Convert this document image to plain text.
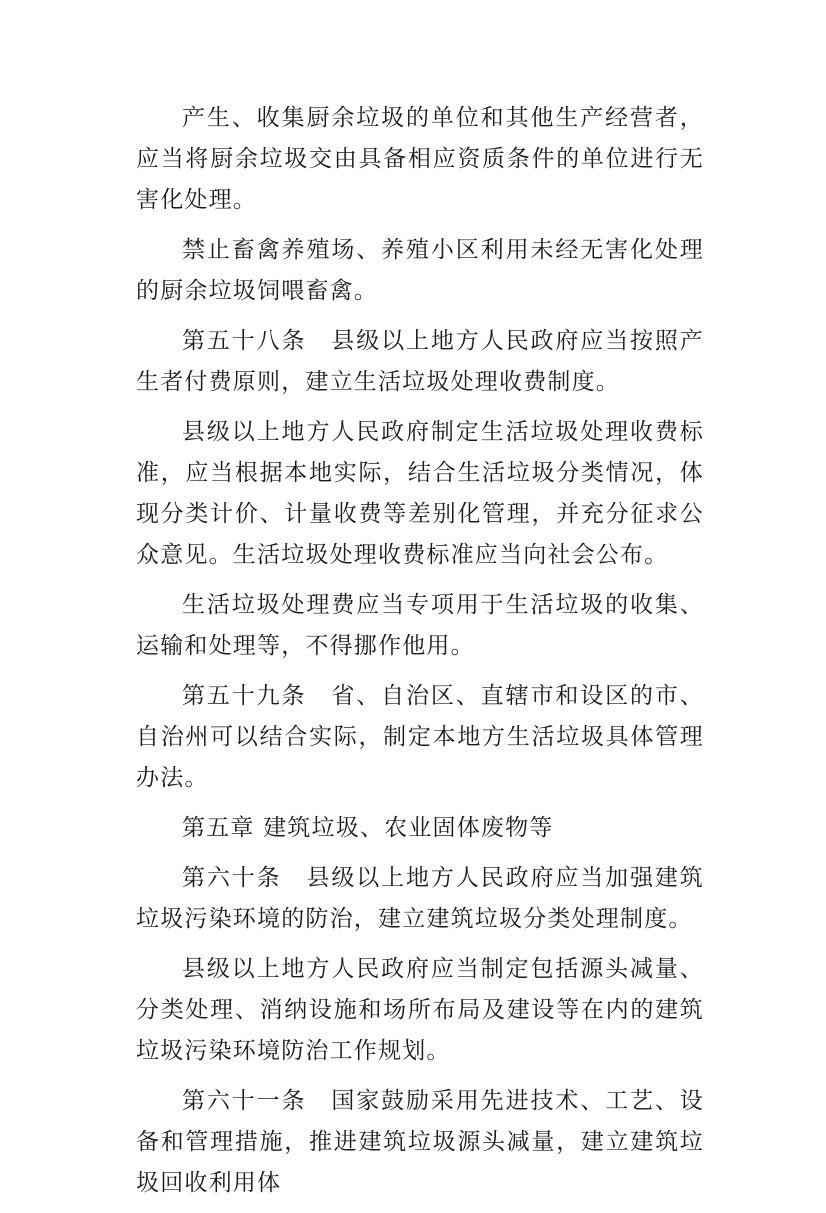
产生、收集厨余垃圾的单位和其他生产经营者，应当将厨余垃圾交由具备相应资质条件的单位进行无害化处理。

禁止畜禽养殖场、养殖小区利用未经无害化处理的厨余垃圾饲喂畜禽。

第五十八条　县级以上地方人民政府应当按照产生者付费原则，建立生活垃圾处理收费制度。

县级以上地方人民政府制定生活垃圾处理收费标准，应当根据本地实际，结合生活垃圾分类情况，体现分类计价、计量收费等差别化管理，并充分征求公众意见。生活垃圾处理收费标准应当向社会公布。

生活垃圾处理费应当专项用于生活垃圾的收集、运输和处理等，不得挪作他用。

第五十九条　省、自治区、直辖市和设区的市、自治州可以结合实际，制定本地方生活垃圾具体管理办法。

第五章 建筑垃圾、农业固体废物等

第六十条　县级以上地方人民政府应当加强建筑垃圾污染环境的防治，建立建筑垃圾分类处理制度。

县级以上地方人民政府应当制定包括源头减量、分类处理、消纳设施和场所布局及建设等在内的建筑垃圾污染环境防治工作规划。

第六十一条　国家鼓励采用先进技术、工艺、设备和管理措施，推进建筑垃圾源头减量，建立建筑垃圾回收利用体
